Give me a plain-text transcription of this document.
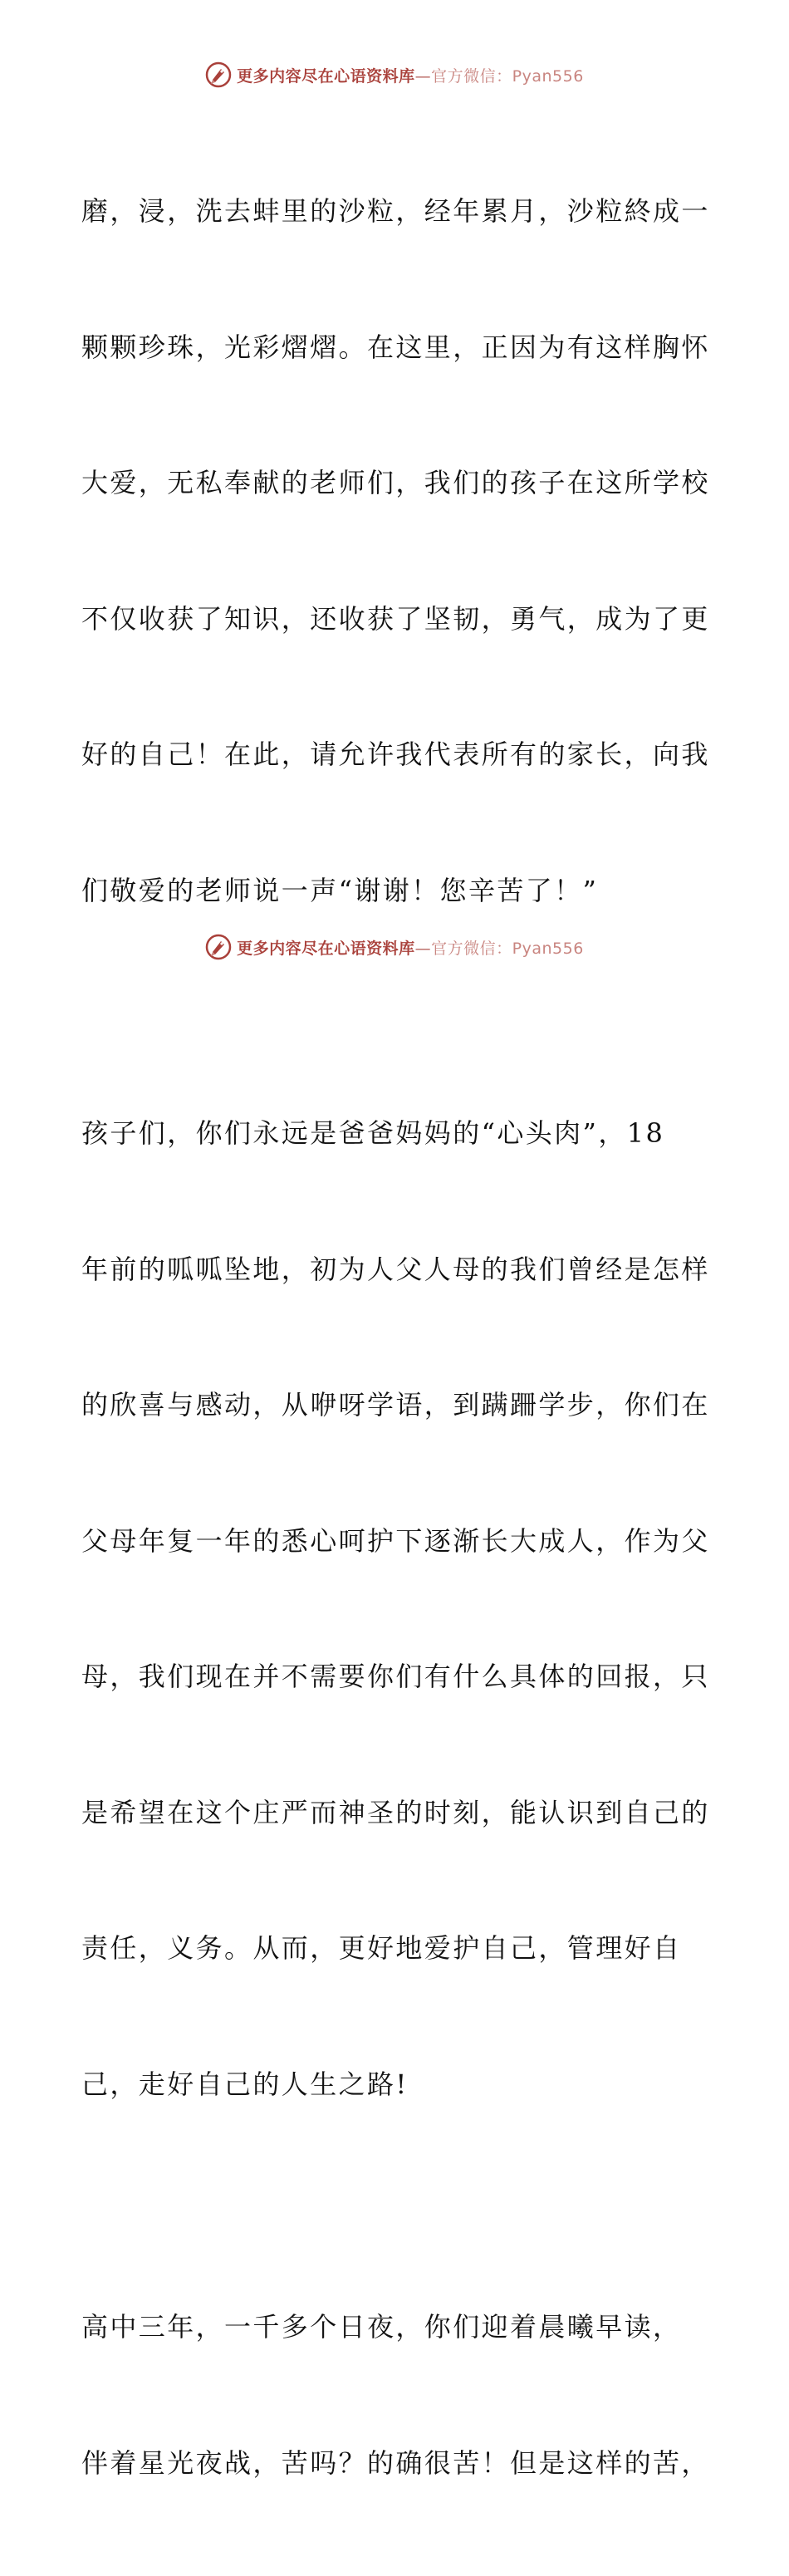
更多内容尽在心语资料库—官方微信：Pyan556

磨，浸，洗去蚌里的沙粒，经年累月，沙粒終成一

颗颗珍珠，光彩熠熠。在这里，正因为有这样胸怀

大爱，无私奉献的老师们，我们的孩子在这所学校

不仅收获了知识，还收获了坚韧，勇气，成为了更

好的自己！在此，请允许我代表所有的家长，向我

们敬爱的老师说一声“谢谢！您辛苦了！”

孩子们，你们永远是爸爸妈妈的“心头肉”，18

年前的呱呱坠地，初为人父人母的我们曾经是怎样

的欣喜与感动，从咿呀学语，到蹒跚学步，你们在

父母年复一年的悉心呵护下逐渐长大成人，作为父

母，我们现在并不需要你们有什么具体的回报，只

是希望在这个庄严而神圣的时刻，能认识到自己的

责任，义务。从而，更好地爱护自己，管理好自

己，走好自己的人生之路!

高中三年，一千多个日夜，你们迎着晨曦早读，

伴着星光夜战，苦吗？的确很苦！但是这样的苦，

更多内容尽在心语资料库—官方微信：Pyan556
